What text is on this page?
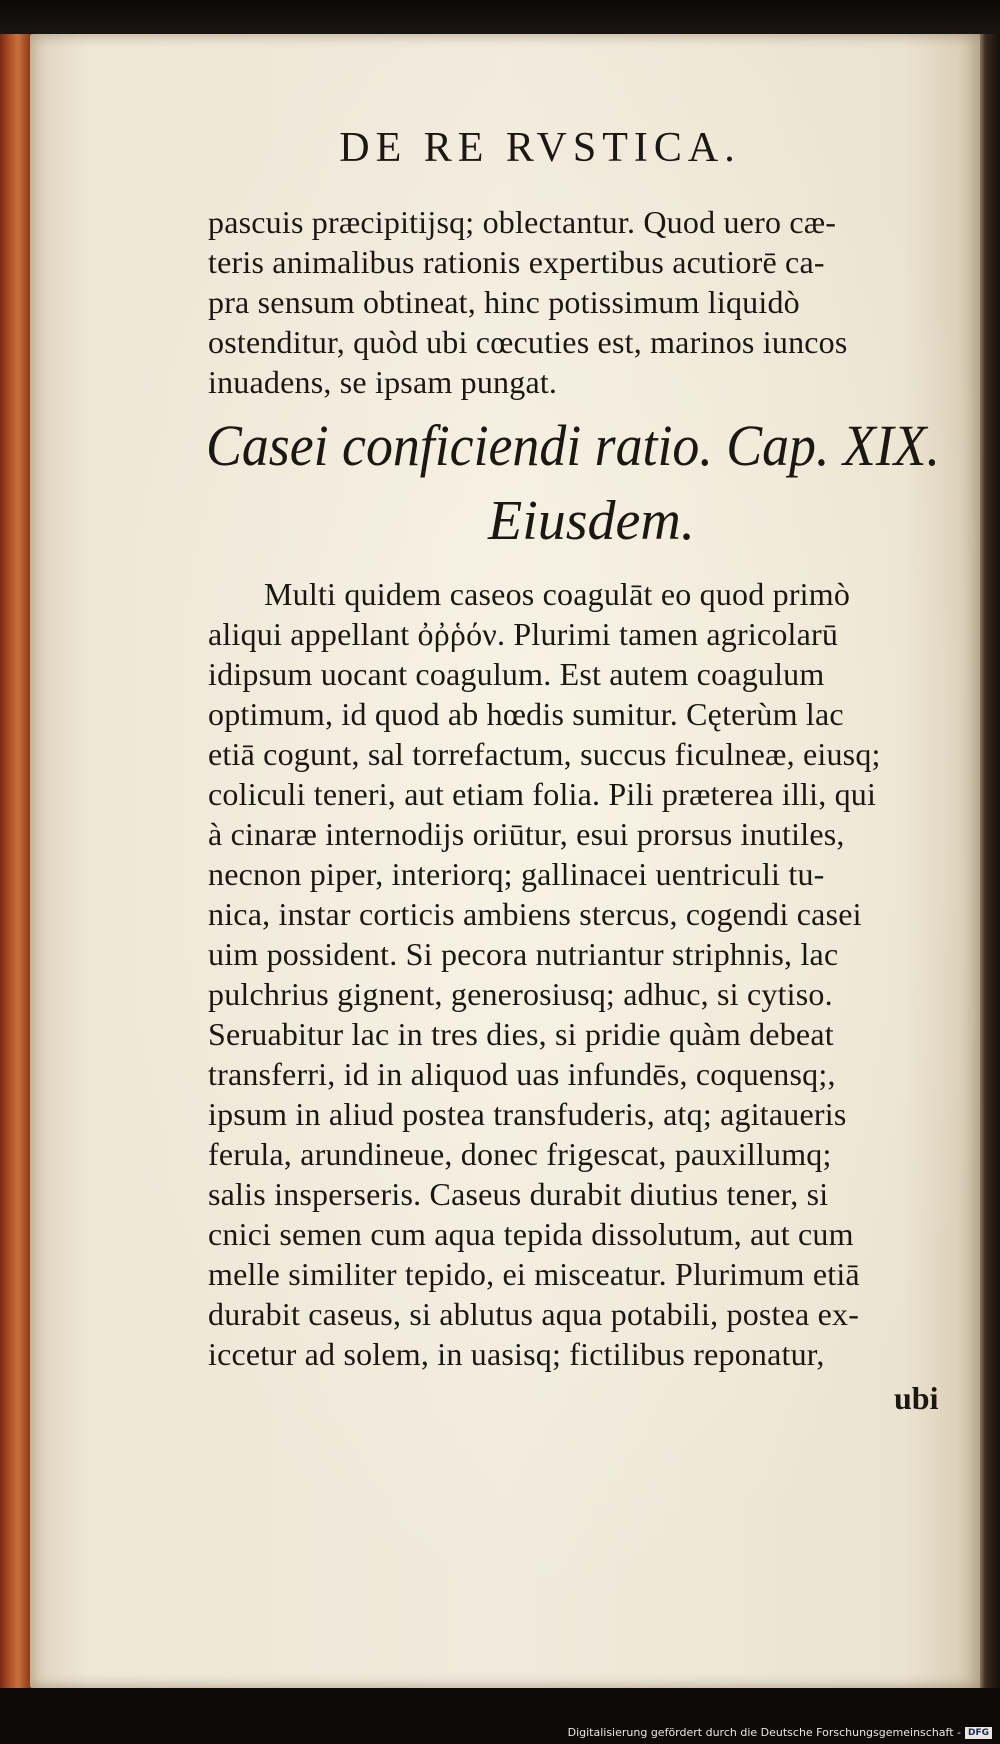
DE RE RVSTICA.
pascuis præcipitijsq; oblectantur. Quod uero cæ-
teris animalibus rationis expertibus acutiorē ca-
pra sensum obtineat, hinc potissimum liquidò
ostenditur, quòd ubi cœcuties est, marinos iuncos
inuadens, se ipsam pungat.
Casei conficiendi ratio. Cap. XIX.
Eiusdem.
Multi quidem caseos coagulāt eo quod primò
aliqui appellant ὀῤῥόν. Plurimi tamen agricolarū
idipsum uocant coagulum. Est autem coagulum
optimum, id quod ab hœdis sumitur. Cęterùm lac
etiā cogunt, sal torrefactum, succus ficulneæ, eiusq;
coliculi teneri, aut etiam folia. Pili præterea illi, qui
à cinaræ internodijs oriūtur, esui prorsus inutiles,
necnon piper, interiorq; gallinacei uentriculi tu-
nica, instar corticis ambiens stercus, cogendi casei
uim possident. Si pecora nutriantur striphnis, lac
pulchrius gignent, generosiusq; adhuc, si cytiso.
Seruabitur lac in tres dies, si pridie quàm debeat
transferri, id in aliquod uas infundēs, coquensq;,
ipsum in aliud postea transfuderis, atq; agitaueris
ferula, arundineue, donec frigescat, pauxillumq;
salis insperseris. Caseus durabit diutius tener, si
cnici semen cum aqua tepida dissolutum, aut cum
melle similiter tepido, ei misceatur. Plurimum etiā
durabit caseus, si ablutus aqua potabili, postea ex-
iccetur ad solem, in uasisq; fictilibus reponatur,
ubi
Digitalisierung gefördert durch die Deutsche Forschungsgemeinschaft - DFG
